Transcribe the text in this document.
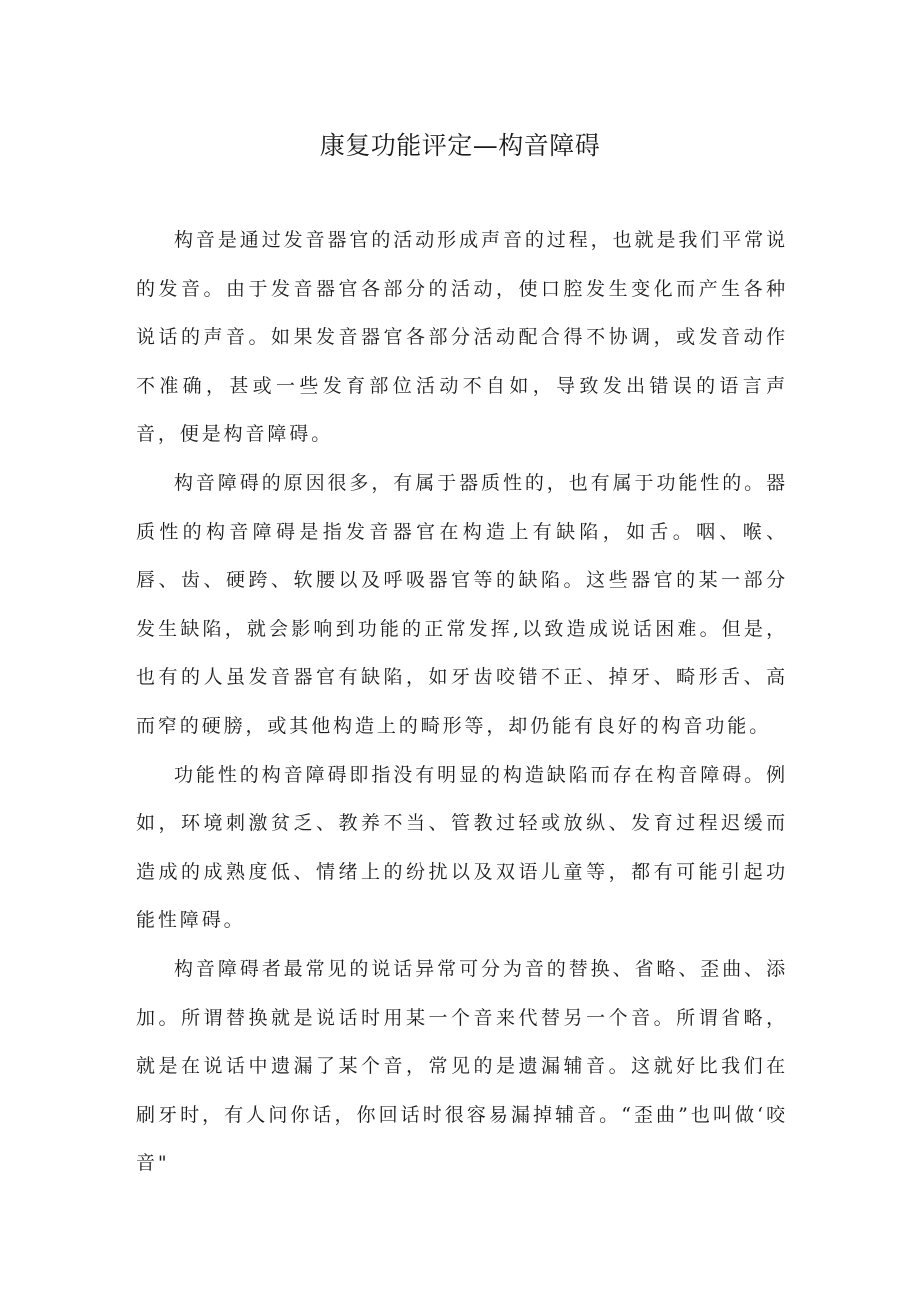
康复功能评定—构音障碍

构音是通过发音器官的活动形成声音的过程，也就是我们平常说的发音。由于发音器官各部分的活动，使口腔发生变化而产生各种说话的声音。如果发音器官各部分活动配合得不协调，或发音动作不准确，甚或一些发育部位活动不自如，导致发出错误的语言声音，便是构音障碍。

构音障碍的原因很多，有属于器质性的，也有属于功能性的。器质性的构音障碍是指发音器官在构造上有缺陷，如舌。咽、喉、唇、齿、硬跨、软腰以及呼吸器官等的缺陷。这些器官的某一部分发生缺陷，就会影响到功能的正常发挥,以致造成说话困难。但是，也有的人虽发音器官有缺陷，如牙齿咬错不正、掉牙、畸形舌、高而窄的硬膀，或其他构造上的畸形等，却仍能有良好的构音功能。

功能性的构音障碍即指没有明显的构造缺陷而存在构音障碍。例如，环境刺激贫乏、教养不当、管教过轻或放纵、发育过程迟缓而造成的成熟度低、情绪上的纷扰以及双语儿童等，都有可能引起功能性障碍。

构音障碍者最常见的说话异常可分为音的替换、省略、歪曲、添加。所谓替换就是说话时用某一个音来代替另一个音。所谓省略，就是在说话中遗漏了某个音，常见的是遗漏辅音。这就好比我们在刷牙时，有人问你话，你回话时很容易漏掉辅音。“歪曲”也叫做‘咬音"
